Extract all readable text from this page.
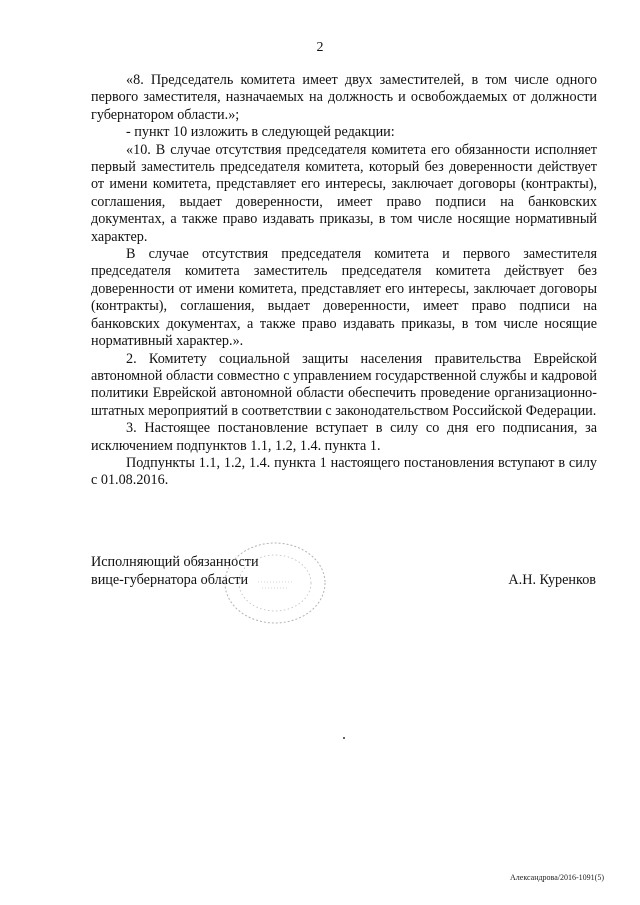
2

«8. Председатель комитета имеет двух заместителей, в том числе одного первого заместителя, назначаемых на должность и освобождаемых от должности губернатором области.»;

- пункт 10 изложить в следующей редакции:

«10. В случае отсутствия председателя комитета его обязанности исполняет первый заместитель председателя комитета, который без доверенности действует от имени комитета, представляет его интересы, заключает договоры (контракты), соглашения, выдает доверенности, имеет право подписи на банковских документах, а также право издавать приказы, в том числе носящие нормативный характер.

В случае отсутствия председателя комитета и первого заместителя председателя комитета заместитель председателя комитета действует без доверенности от имени комитета, представляет его интересы, заключает договоры (контракты), соглашения, выдает доверенности, имеет право подписи на банковских документах, а также право издавать приказы, в том числе носящие нормативный характер.».

2. Комитету социальной защиты населения правительства Еврейской автономной области совместно с управлением государственной службы и кадровой политики Еврейской автономной области обеспечить проведение организационно-штатных мероприятий в соответствии с законодательством Российской Федерации.

3. Настоящее постановление вступает в силу со дня его подписания, за исключением подпунктов 1.1, 1.2, 1.4. пункта 1.

Подпункты 1.1, 1.2, 1.4. пункта 1 настоящего постановления вступают в силу с 01.08.2016.

Исполняющий обязанности
вице-губернатора области	А.Н. Куренков
Александрова/2016-1091(5)
